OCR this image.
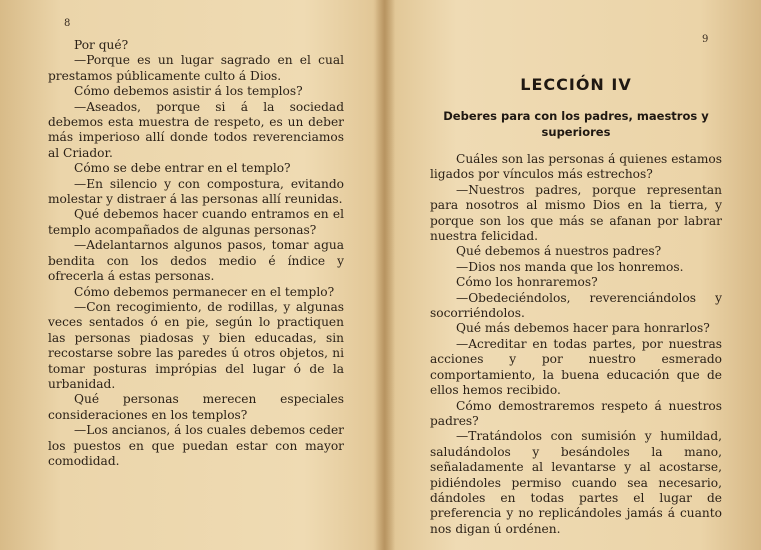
8

Por qué?

—Porque es un lugar sagrado en el cual prestamos públicamente culto á Dios.

Cómo debemos asistir á los templos?

—Aseados, porque si á la sociedad debemos esta muestra de respeto, es un deber más imperioso allí donde todos reverenciamos al Criador.

Cómo se debe entrar en el templo?

—En silencio y con compostura, evitando molestar y distraer á las personas allí reunidas.

Qué debemos hacer cuando entramos en el templo acompañados de algunas personas?

—Adelantarnos algunos pasos, tomar agua bendita con los dedos medio é índice y ofrecerla á estas personas.

Cómo debemos permanecer en el templo?

—Con recogimiento, de rodillas, y algunas veces sentados ó en pie, según lo practiquen las personas piadosas y bien educadas, sin recostarse sobre las paredes ú otros objetos, ni tomar posturas imprópias del lugar ó de la urbanidad.

Qué personas merecen especiales consideraciones en los templos?

—Los ancianos, á los cuales debemos ceder los puestos en que puedan estar con mayor comodidad.

9
LECCIÓN IV
Deberes para con los padres, maestros y superiores

Cuáles son las personas á quienes estamos ligados por vínculos más estrechos?

—Nuestros padres, porque representan para nosotros al mismo Dios en la tierra, y porque son los que más se afanan por labrar nuestra felicidad.

Qué debemos á nuestros padres?

—Dios nos manda que los honremos.

Cómo los honraremos?

—Obedeciéndolos, reverenciándolos y socorriéndolos.

Qué más debemos hacer para honrarlos?

—Acreditar en todas partes, por nuestras acciones y por nuestro esmerado comportamiento, la buena educación que de ellos hemos recibido.

Cómo demostraremos respeto á nuestros padres?

—Tratándolos con sumisión y humildad, saludándolos y besándoles la mano, señaladamente al levantarse y al acostarse, pidiéndoles permiso cuando sea necesario, dándoles en todas partes el lugar de preferencia y no replicándoles jamás á cuanto nos digan ú ordénen.
